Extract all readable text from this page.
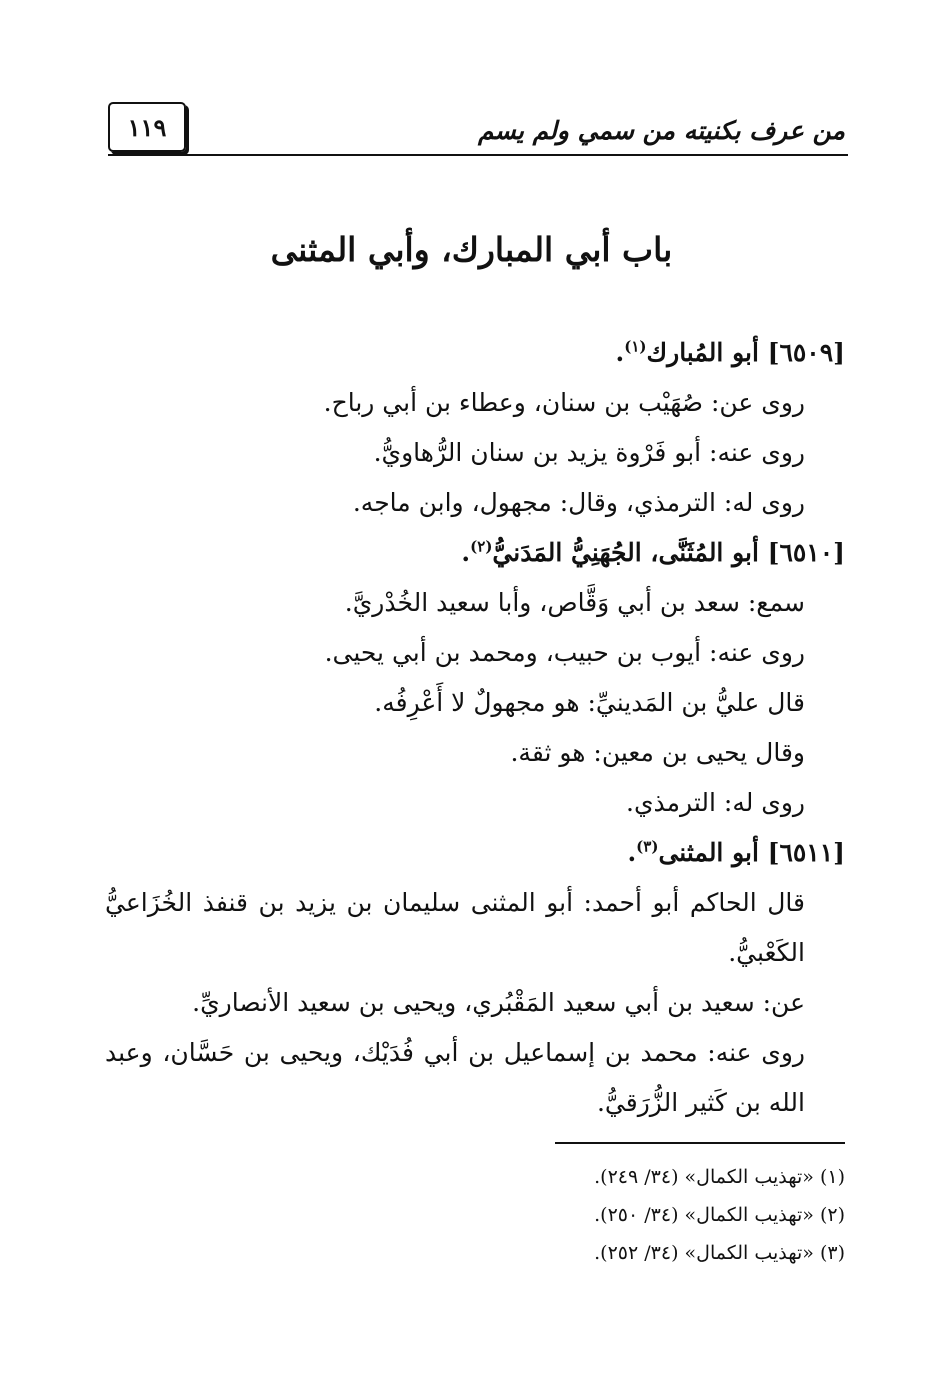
من عرف بكنيته من سمي ولم يسم
١١٩
باب أبي المبارك، وأبي المثنى
[٦٥٠٩] أبو المُبارك$^{(١)}$.
روى عن: صُهَيْب بن سنان، وعطاء بن أبي رباح.
روى عنه: أبو فَرْوة يزيد بن سنان الرُّهاويُّ.
روى له: الترمذي، وقال: مجهول، وابن ماجه.
[٦٥١٠] أبو المُثَنَّى، الجُهَنِيُّ المَدَنيُّ$^{(٢)}$.
سمع: سعد بن أبي وَقَّاص، وأبا سعيد الخُدْريَّ.
روى عنه: أيوب بن حبيب، ومحمد بن أبي يحيى.
قال عليُّ بن المَدينيِّ: هو مجهولٌ لا أَعْرِفُه.
وقال يحيى بن معين: هو ثقة.
روى له: الترمذي.
[٦٥١١] أبو المثنى$^{(٣)}$.
قال الحاكم أبو أحمد: أبو المثنى سليمان بن يزيد بن قنفذ الخُزَاعيُّ الكَعْبيُّ.
عن: سعيد بن أبي سعيد المَقْبُري، ويحيى بن سعيد الأنصاريِّ.
روى عنه: محمد بن إسماعيل بن أبي فُدَيْك، ويحيى بن حَسَّان، وعبد الله بن كَثير الزُّرَقيُّ.
(١) «تهذيب الكمال» (٣٤/ ٢٤٩).
(٢) «تهذيب الكمال» (٣٤/ ٢٥٠).
(٣) «تهذيب الكمال» (٣٤/ ٢٥٢).
